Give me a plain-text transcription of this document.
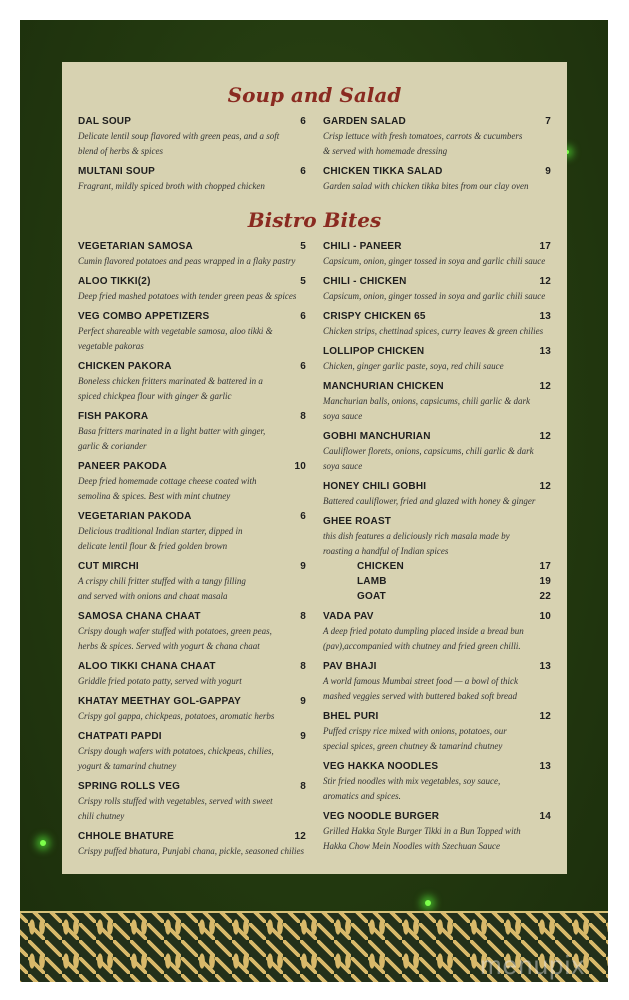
menupix
Soup and Salad
DAL SOUP	6
Delicate lentil soup flavored with green peas, and a soft
blend of herbs & spices
MULTANI SOUP	6
Fragrant, mildly spiced broth with chopped chicken
GARDEN SALAD	7
Crisp lettuce with fresh tomatoes, carrots & cucumbers
& served with homemade dressing
CHICKEN TIKKA SALAD	9
Garden salad with chicken tikka bites from our clay oven
Bistro Bites
VEGETARIAN SAMOSA	5
Cumin flavored potatoes and peas wrapped in a flaky pastry
ALOO TIKKI(2)	5
Deep fried mashed potatoes with tender green peas & spices
VEG COMBO APPETIZERS	6
Perfect shareable with vegetable samosa, aloo tikki &
vegetable pakoras
CHICKEN PAKORA	6
Boneless chicken fritters marinated & battered in a
spiced chickpea flour with ginger & garlic
FISH PAKORA	8
Basa fritters marinated in a light batter with ginger,
garlic & coriander
PANEER PAKODA	10
Deep fried homemade cottage cheese coated with
semolina & spices. Best with mint chutney
VEGETARIAN PAKODA	6
Delicious traditional Indian starter, dipped in
delicate lentil flour & fried golden brown
CUT MIRCHI	9
A crispy chili fritter stuffed with a tangy filling
and served with onions and chaat masala
SAMOSA CHANA CHAAT	8
Crispy dough wafer stuffed with potatoes, green peas,
herbs & spices. Served with yogurt & chana chaat
ALOO TIKKI CHANA CHAAT	8
Griddle fried potato patty, served with yogurt
KHATAY MEETHAY GOL-GAPPAY	9
Crispy gol gappa, chickpeas, potatoes, aromatic herbs
CHATPATI PAPDI	9
Crispy dough wafers with potatoes, chickpeas, chilies,
yogurt & tamarind chutney
SPRING ROLLS VEG	8
Crispy rolls stuffed with vegetables, served with sweet
chili chutney
CHHOLE BHATURE	12
Crispy puffed bhatura, Punjabi chana, pickle, seasoned chilies
CHILI - PANEER	17
Capsicum, onion, ginger tossed in soya and garlic chili sauce
CHILI - CHICKEN	12
Capsicum, onion, ginger tossed in soya and garlic chili sauce
CRISPY CHICKEN 65	13
Chicken strips, chettinad spices, curry leaves & green chilies
LOLLIPOP CHICKEN	13
Chicken, ginger garlic paste, soya, red chili sauce
MANCHURIAN CHICKEN	12
Manchurian balls, onions, capsicums, chili garlic & dark
soya sauce
GOBHI MANCHURIAN	12
Cauliflower florets, onions, capsicums, chili garlic & dark
soya sauce
HONEY CHILI GOBHI	12
Battered cauliflower, fried and glazed with honey & ginger
GHEE ROAST
this dish features a deliciously rich masala made by
roasting a handful of Indian spices
CHICKEN	17
LAMB	19
GOAT	22
VADA PAV	10
A deep fried potato dumpling placed inside a bread bun
(pav),accompanied with chutney and fried green chilli.
PAV BHAJI	13
A world famous Mumbai street food — a bowl of thick
mashed veggies served with buttered baked soft bread
BHEL PURI	12
Puffed crispy rice mixed with onions, potatoes, our
special spices, green chutney & tamarind chutney
VEG HAKKA NOODLES	13
Stir fried noodles with mix vegetables, soy sauce,
aromatics and spices.
VEG NOODLE BURGER	14
Grilled Hakka Style Burger Tikki in a Bun Topped with
Hakka Chow Mein Noodles with Szechuan Sauce
